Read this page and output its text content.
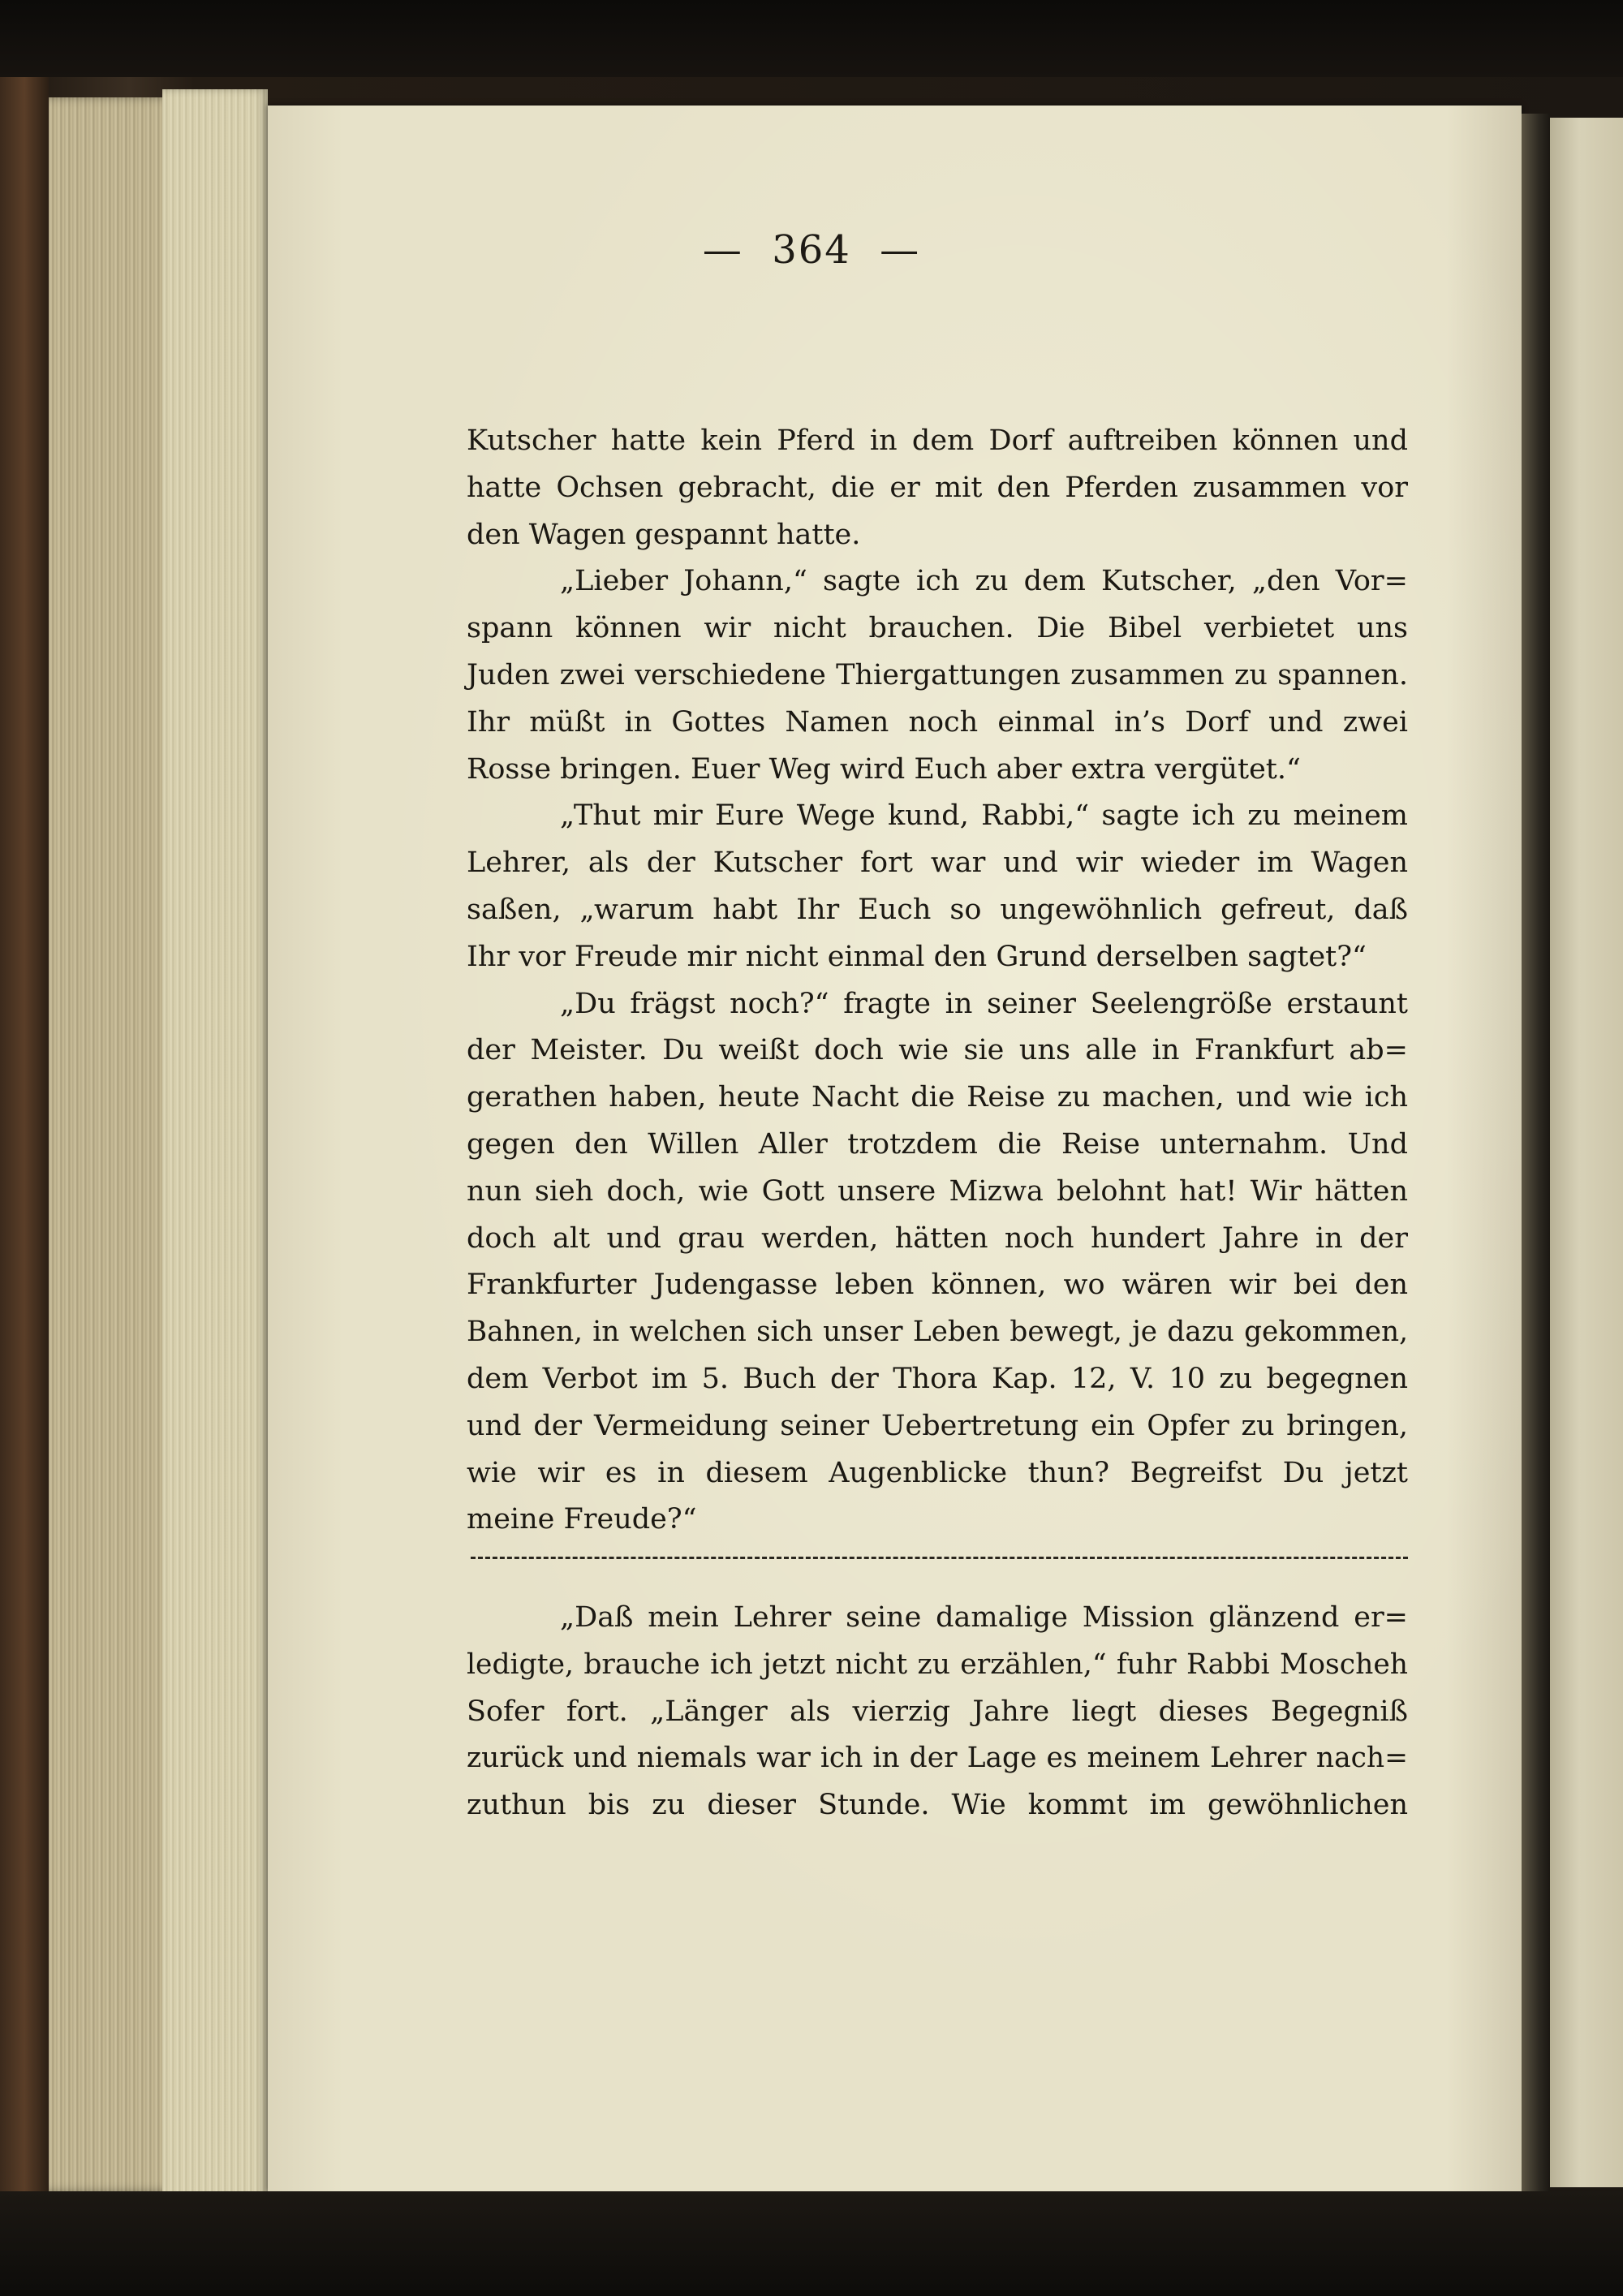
— 364 —
Kutscher hatte kein Pferd in dem Dorf auftreiben können und
hatte Ochsen gebracht, die er mit den Pferden zusammen vor
den Wagen gespannt hatte.
„Lieber Johann,“ sagte ich zu dem Kutscher, „den Vor=
spann können wir nicht brauchen. Die Bibel verbietet uns
Juden zwei verschiedene Thiergattungen zusammen zu spannen.
Ihr müßt in Gottes Namen noch einmal in’s Dorf und zwei
Rosse bringen. Euer Weg wird Euch aber extra vergütet.“
„Thut mir Eure Wege kund, Rabbi,“ sagte ich zu meinem
Lehrer, als der Kutscher fort war und wir wieder im Wagen
saßen, „warum habt Ihr Euch so ungewöhnlich gefreut, daß
Ihr vor Freude mir nicht einmal den Grund derselben sagtet?“
„Du frägst noch?“ fragte in seiner Seelengröße erstaunt
der Meister. Du weißt doch wie sie uns alle in Frankfurt ab=
gerathen haben, heute Nacht die Reise zu machen, und wie ich
gegen den Willen Aller trotzdem die Reise unternahm. Und
nun sieh doch, wie Gott unsere Mizwa belohnt hat! Wir hätten
doch alt und grau werden, hätten noch hundert Jahre in der
Frankfurter Judengasse leben können, wo wären wir bei den
Bahnen, in welchen sich unser Leben bewegt, je dazu gekommen,
dem Verbot im 5. Buch der Thora Kap. 12, V. 10 zu begegnen
und der Vermeidung seiner Uebertretung ein Opfer zu bringen,
wie wir es in diesem Augenblicke thun? Begreifst Du jetzt
meine Freude?“
„Daß mein Lehrer seine damalige Mission glänzend er=
ledigte, brauche ich jetzt nicht zu erzählen,“ fuhr Rabbi Moscheh
Sofer fort. „Länger als vierzig Jahre liegt dieses Begegniß
zurück und niemals war ich in der Lage es meinem Lehrer nach=
zuthun bis zu dieser Stunde. Wie kommt im gewöhnlichen
